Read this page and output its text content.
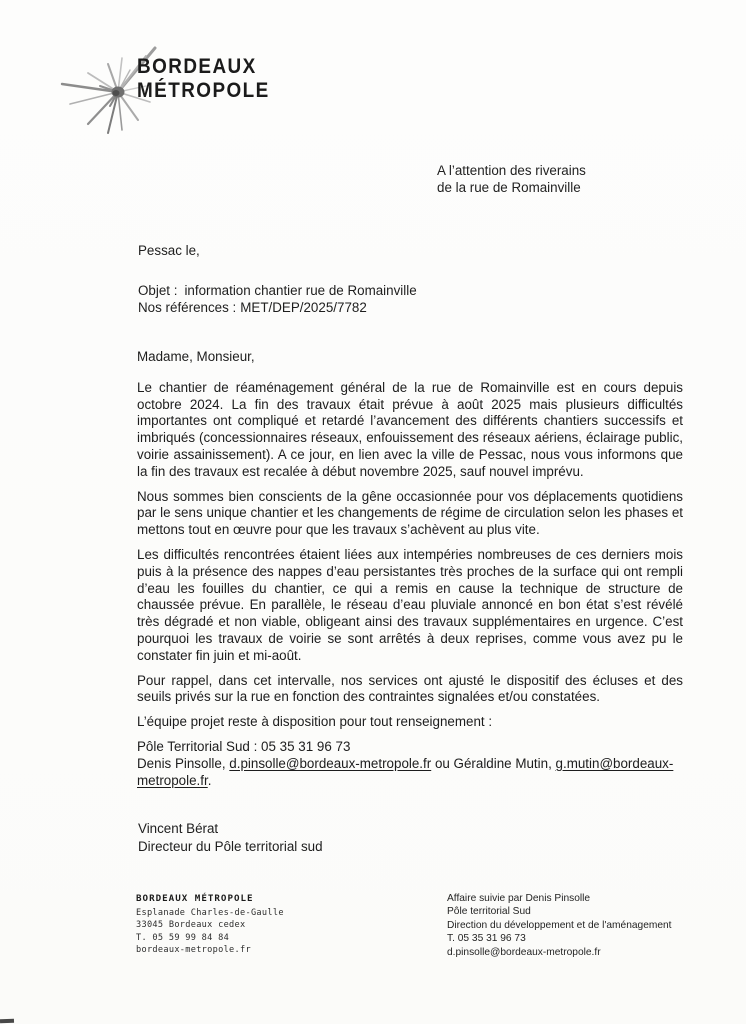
BORDEAUX
MÉTROPOLE
A l’attention des riverains
de la rue de Romainville
Pessac le,
Objet : information chantier rue de Romainville
Nos références : MET/DEP/2025/7782
Madame, Monsieur,

Le chantier de réaménagement général de la rue de Romainville est en cours depuis octobre 2024. La fin des travaux était prévue à août 2025 mais plusieurs difficultés importantes ont compliqué et retardé l’avancement des différents chantiers successifs et imbriqués (concessionnaires réseaux, enfouissement des réseaux aériens, éclairage public, voirie assainissement). A ce jour, en lien avec la ville de Pessac, nous vous informons que la fin des travaux est recalée à début novembre 2025, sauf nouvel imprévu.

Nous sommes bien conscients de la gêne occasionnée pour vos déplacements quotidiens par le sens unique chantier et les changements de régime de circulation selon les phases et mettons tout en œuvre pour que les travaux s’achèvent au plus vite.

Les difficultés rencontrées étaient liées aux intempéries nombreuses de ces derniers mois puis à la présence des nappes d’eau persistantes très proches de la surface qui ont rempli d’eau les fouilles du chantier, ce qui a remis en cause la technique de structure de chaussée prévue. En parallèle, le réseau d’eau pluviale annoncé en bon état s’est révélé très dégradé et non viable, obligeant ainsi des travaux supplémentaires en urgence. C’est pourquoi les travaux de voirie se sont arrêtés à deux reprises, comme vous avez pu le constater fin juin et mi-août.

Pour rappel, dans cet intervalle, nos services ont ajusté le dispositif des écluses et des seuils privés sur la rue en fonction des contraintes signalées et/ou constatées.

L’équipe projet reste à disposition pour tout renseignement :

Pôle Territorial Sud : 05 35 31 96 73
Denis Pinsolle, d.pinsolle@bordeaux-metropole.fr ou Géraldine Mutin, g.mutin@bordeaux-metropole.fr.
Vincent Bérat
Directeur du Pôle territorial sud
BORDEAUX MÉTROPOLE
Esplanade Charles-de-Gaulle
33045 Bordeaux cedex
T. 05 59 99 84 84
bordeaux-metropole.fr
Affaire suivie par Denis Pinsolle
Pôle territorial Sud
Direction du développement et de l'aménagement
T. 05 35 31 96 73
d.pinsolle@bordeaux-metropole.fr
